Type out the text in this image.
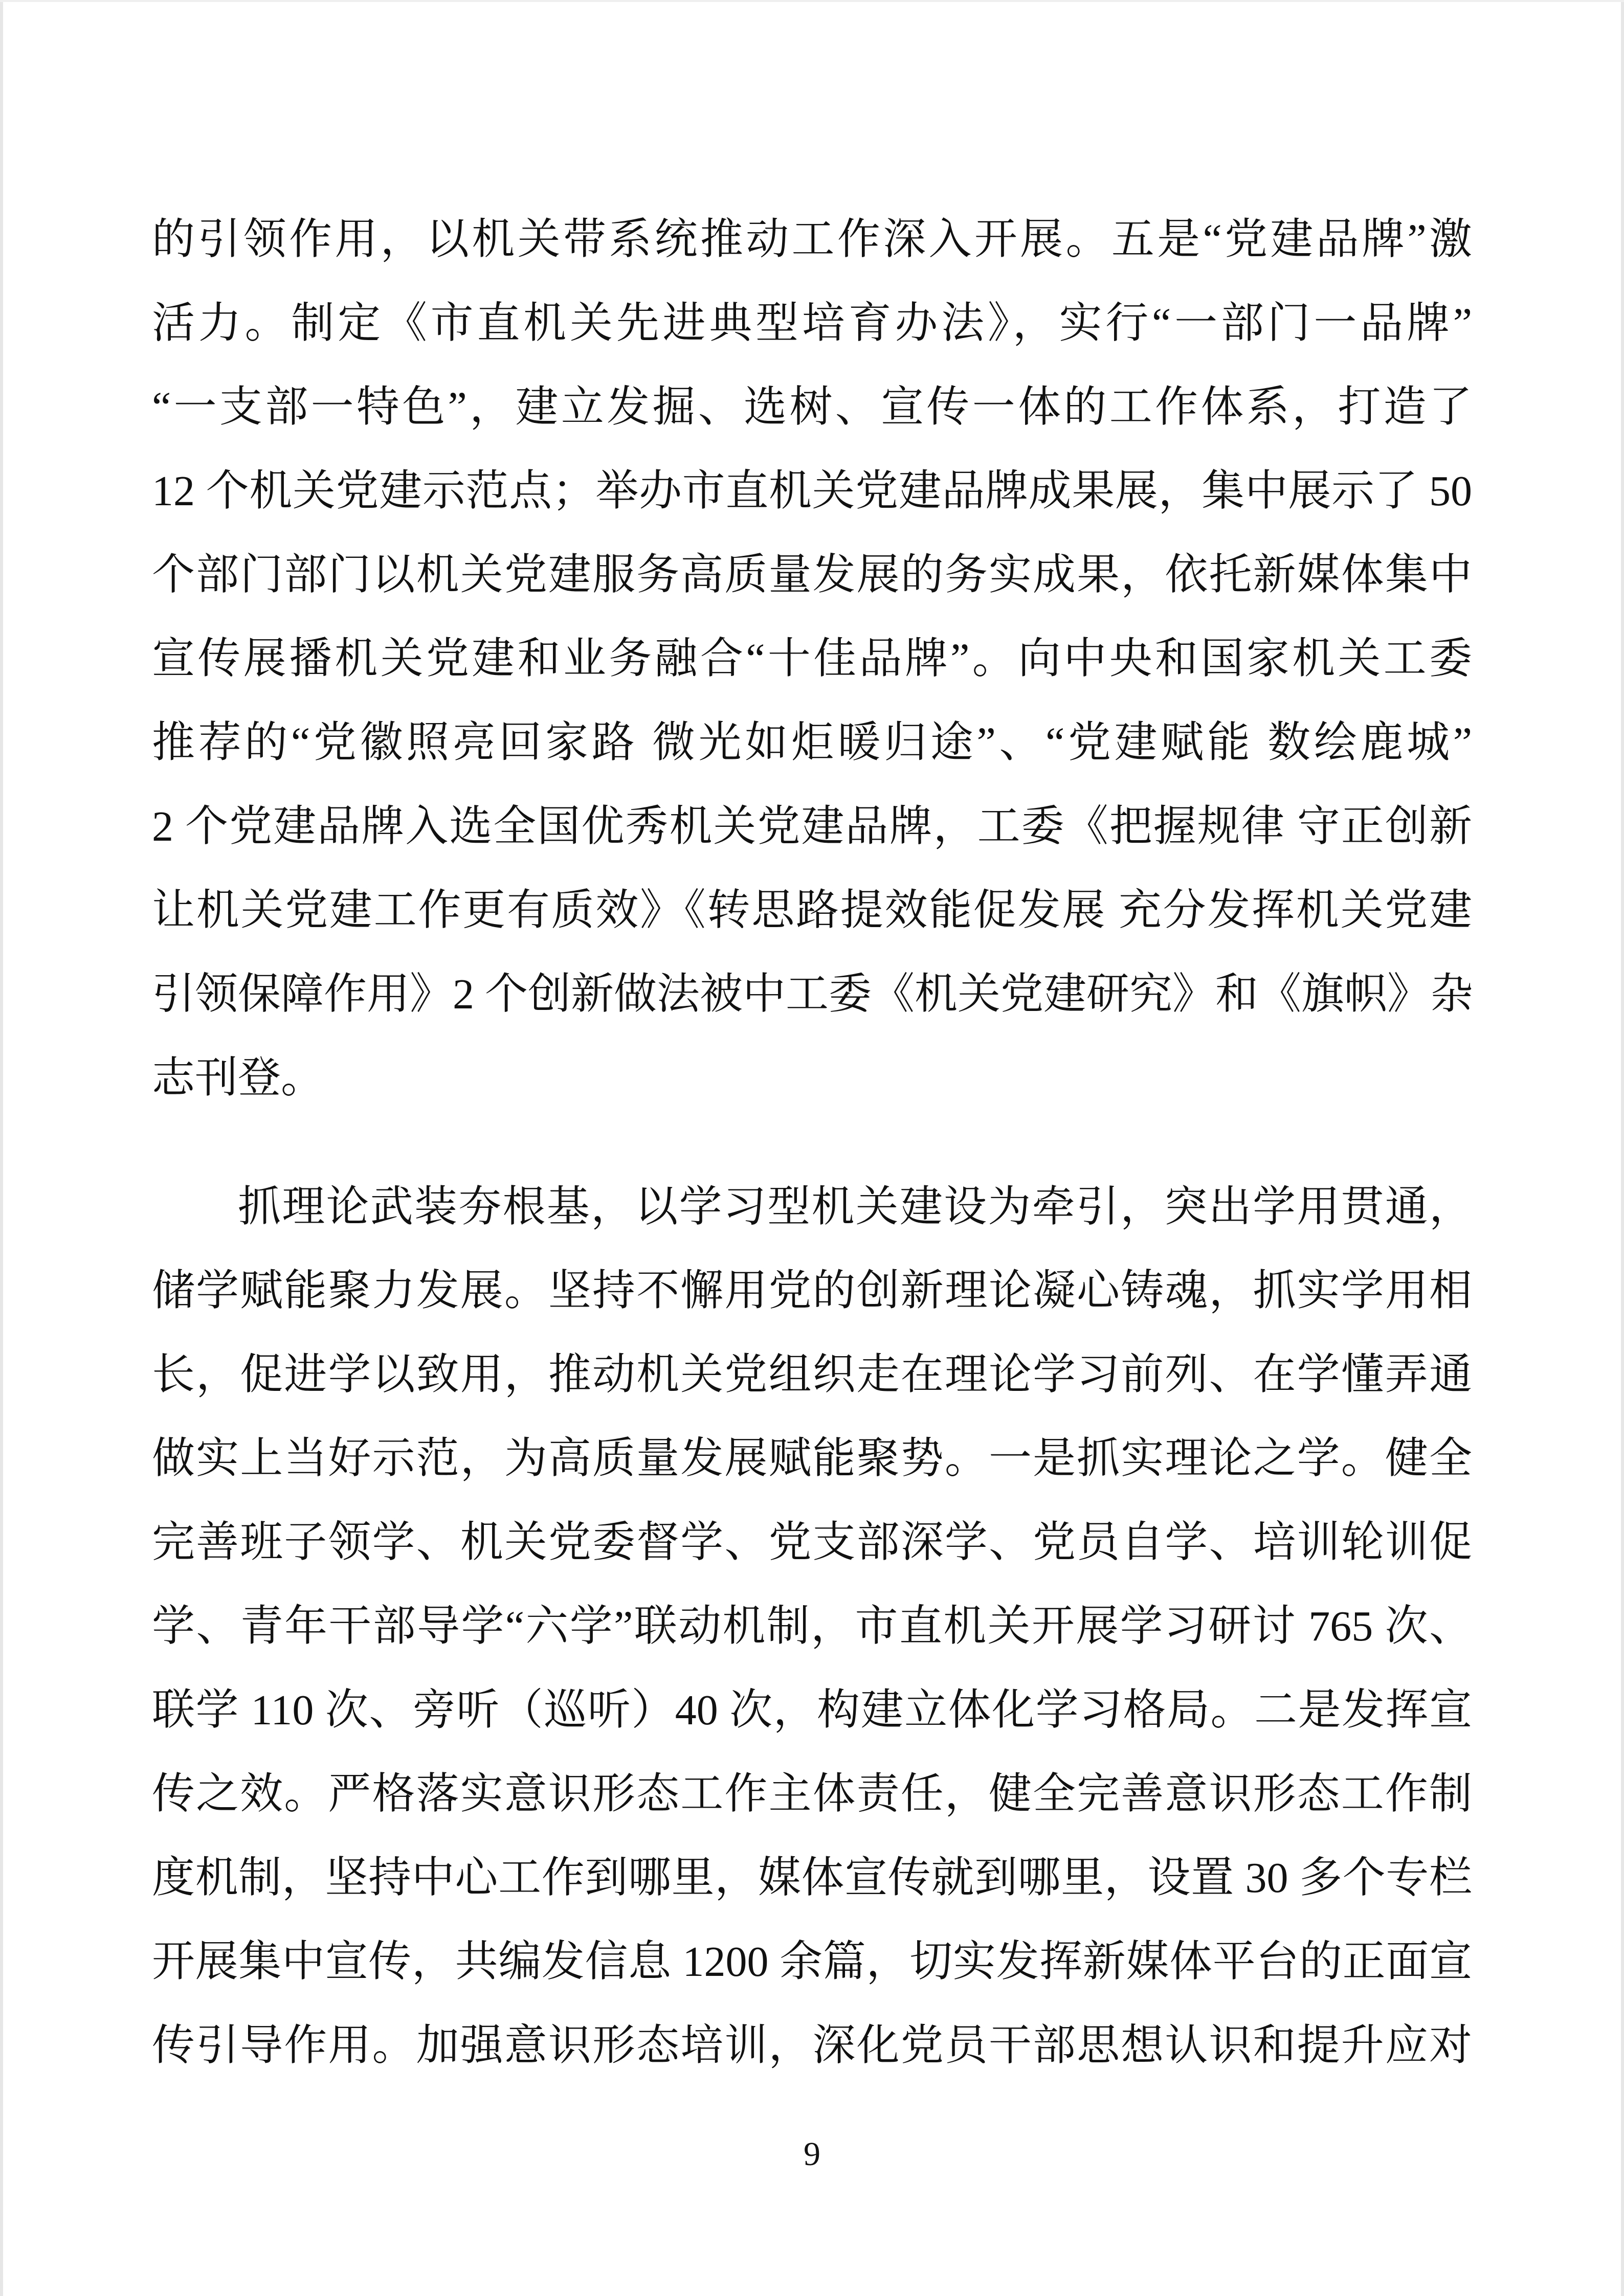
的引领作用，以机关带系统推动工作深入开展。五是“党建品牌”激
活力。制定《市直机关先进典型培育办法》，实行“一部门一品牌”
“一支部一特色”，建立发掘、选树、宣传一体的工作体系，打造了
12 个机关党建示范点；举办市直机关党建品牌成果展，集中展示了 50
个部门部门以机关党建服务高质量发展的务实成果，依托新媒体集中
宣传展播机关党建和业务融合“十佳品牌”。向中央和国家机关工委
推荐的“党徽照亮回家路 微光如炬暖归途”、“党建赋能 数绘鹿城”
2 个党建品牌入选全国优秀机关党建品牌，工委《把握规律 守正创新
让机关党建工作更有质效》《转思路提效能促发展 充分发挥机关党建
引领保障作用》2 个创新做法被中工委《机关党建研究》和《旗帜》杂
志刊登。
抓理论武装夯根基，以学习型机关建设为牵引，突出学用贯通，
储学赋能聚力发展。坚持不懈用党的创新理论凝心铸魂，抓实学用相
长，促进学以致用，推动机关党组织走在理论学习前列、在学懂弄通
做实上当好示范，为高质量发展赋能聚势。一是抓实理论之学。健全
完善班子领学、机关党委督学、党支部深学、党员自学、培训轮训促
学、青年干部导学“六学”联动机制，市直机关开展学习研讨 765 次、
联学 110 次、旁听（巡听）40 次，构建立体化学习格局。二是发挥宣
传之效。严格落实意识形态工作主体责任，健全完善意识形态工作制
度机制，坚持中心工作到哪里，媒体宣传就到哪里，设置 30 多个专栏
开展集中宣传，共编发信息 1200 余篇，切实发挥新媒体平台的正面宣
传引导作用。加强意识形态培训，深化党员干部思想认识和提升应对
9
